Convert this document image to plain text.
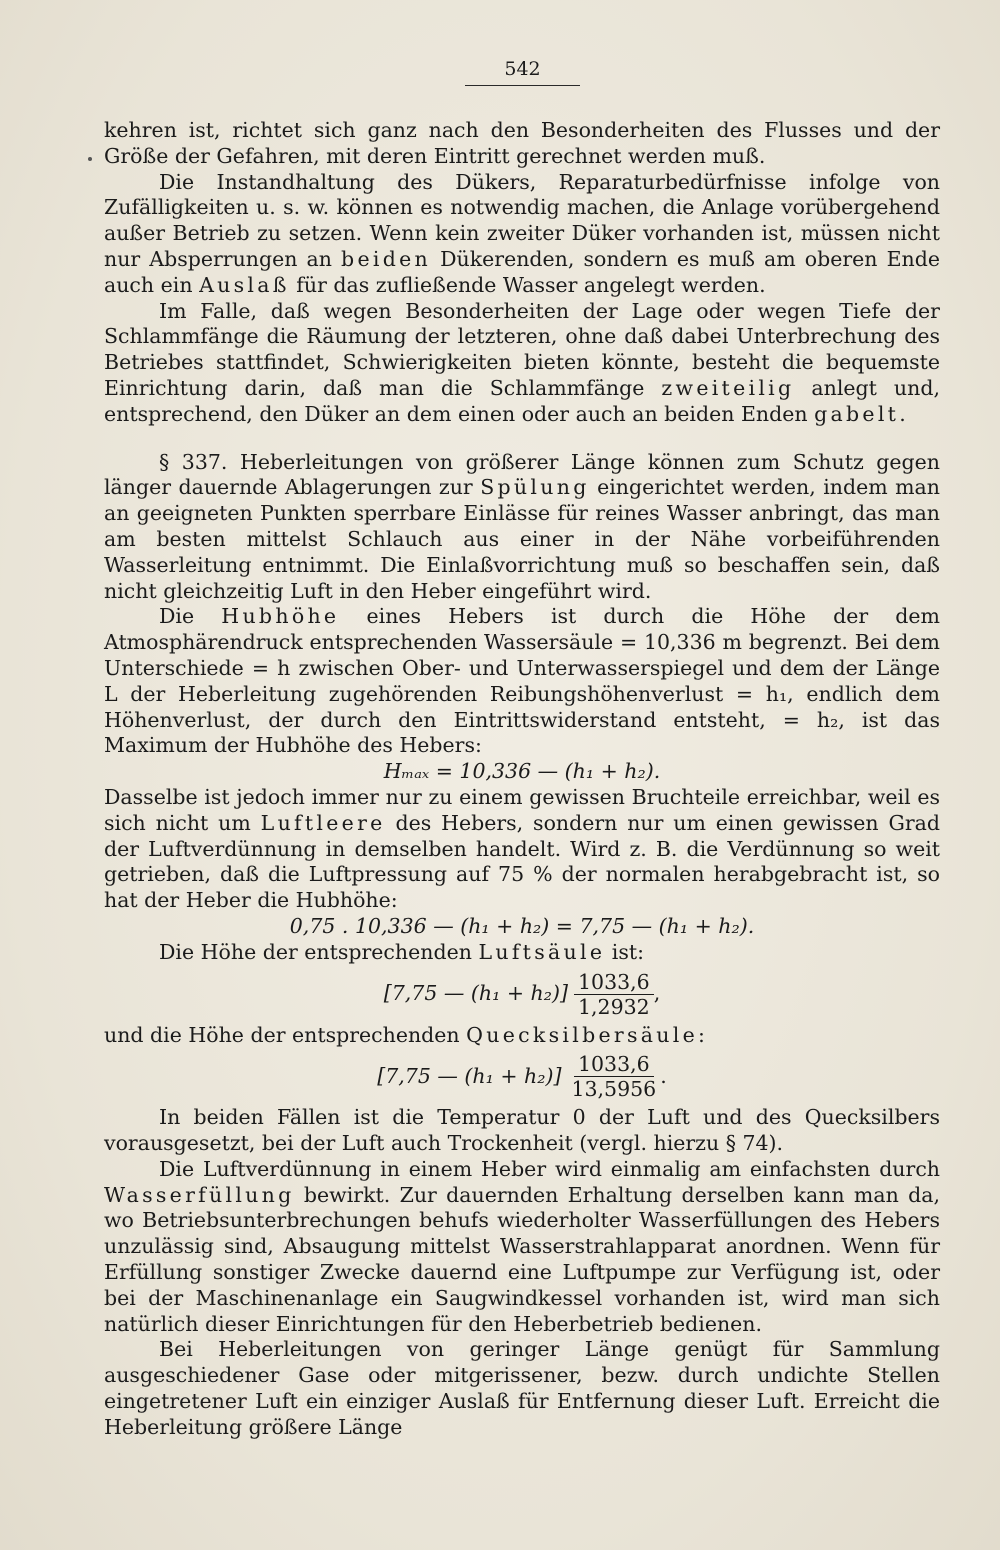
542

kehren ist, richtet sich ganz nach den Besonderheiten des Flusses und der Größe der Gefahren, mit deren Eintritt gerechnet werden muß.

Die Instandhaltung des Dükers, Reparaturbedürfnisse infolge von Zufälligkeiten u. s. w. können es notwendig machen, die Anlage vorübergehend außer Betrieb zu setzen. Wenn kein zweiter Düker vorhanden ist, müssen nicht nur Absperrungen an beiden Dükerenden, sondern es muß am oberen Ende auch ein Auslaß für das zufließende Wasser angelegt werden.

Im Falle, daß wegen Besonderheiten der Lage oder wegen Tiefe der Schlammfänge die Räumung der letzteren, ohne daß dabei Unterbrechung des Betriebes stattfindet, Schwierigkeiten bieten könnte, besteht die bequemste Einrichtung darin, daß man die Schlammfänge zweiteilig anlegt und, entsprechend, den Düker an dem einen oder auch an beiden Enden gabelt.

§ 337. Heberleitungen von größerer Länge können zum Schutz gegen länger dauernde Ablagerungen zur Spülung eingerichtet werden, indem man an geeigneten Punkten sperrbare Einlässe für reines Wasser anbringt, das man am besten mittelst Schlauch aus einer in der Nähe vorbeiführenden Wasserleitung entnimmt. Die Einlaßvorrichtung muß so beschaffen sein, daß nicht gleichzeitig Luft in den Heber eingeführt wird.

Die Hubhöhe eines Hebers ist durch die Höhe der dem Atmosphärendruck entsprechenden Wassersäule = 10,336 m begrenzt. Bei dem Unterschiede = h zwischen Ober- und Unterwasserspiegel und dem der Länge L der Heberleitung zugehörenden Reibungshöhenverlust = h₁, endlich dem Höhenverlust, der durch den Eintrittswiderstand entsteht, = h₂, ist das Maximum der Hubhöhe des Hebers:

Hₘₐₓ = 10,336 — (h₁ + h₂).

Dasselbe ist jedoch immer nur zu einem gewissen Bruchteile erreichbar, weil es sich nicht um Luftleere des Hebers, sondern nur um einen gewissen Grad der Luftverdünnung in demselben handelt. Wird z. B. die Verdünnung so weit getrieben, daß die Luftpressung auf 75 % der normalen herabgebracht ist, so hat der Heber die Hubhöhe:

0,75 . 10,336 — (h₁ + h₂) = 7,75 — (h₁ + h₂).

Die Höhe der entsprechenden Luftsäule ist:

[7,75 — $(h_1 + h_2)] \frac{1033,6}{1,2932}$ ,

und die Höhe der entsprechenden Quecksilbersäule:

[7,75 — $(h_1 + h_2)] \frac{1033,6}{13,5956}$ .

In beiden Fällen ist die Temperatur 0 der Luft und des Quecksilbers vorausgesetzt, bei der Luft auch Trockenheit (vergl. hierzu § 74).

Die Luftverdünnung in einem Heber wird einmalig am einfachsten durch Wasserfüllung bewirkt. Zur dauernden Erhaltung derselben kann man da, wo Betriebsunterbrechungen behufs wiederholter Wasserfüllungen des Hebers unzulässig sind, Absaugung mittelst Wasserstrahlapparat anordnen. Wenn für Erfüllung sonstiger Zwecke dauernd eine Luftpumpe zur Verfügung ist, oder bei der Maschinenanlage ein Saugwindkessel vorhanden ist, wird man sich natürlich dieser Einrichtungen für den Heberbetrieb bedienen.

Bei Heberleitungen von geringer Länge genügt für Sammlung ausgeschiedener Gase oder mitgerissener, bezw. durch undichte Stellen eingetretener Luft ein einziger Auslaß für Entfernung dieser Luft. Erreicht die Heberleitung größere Länge
